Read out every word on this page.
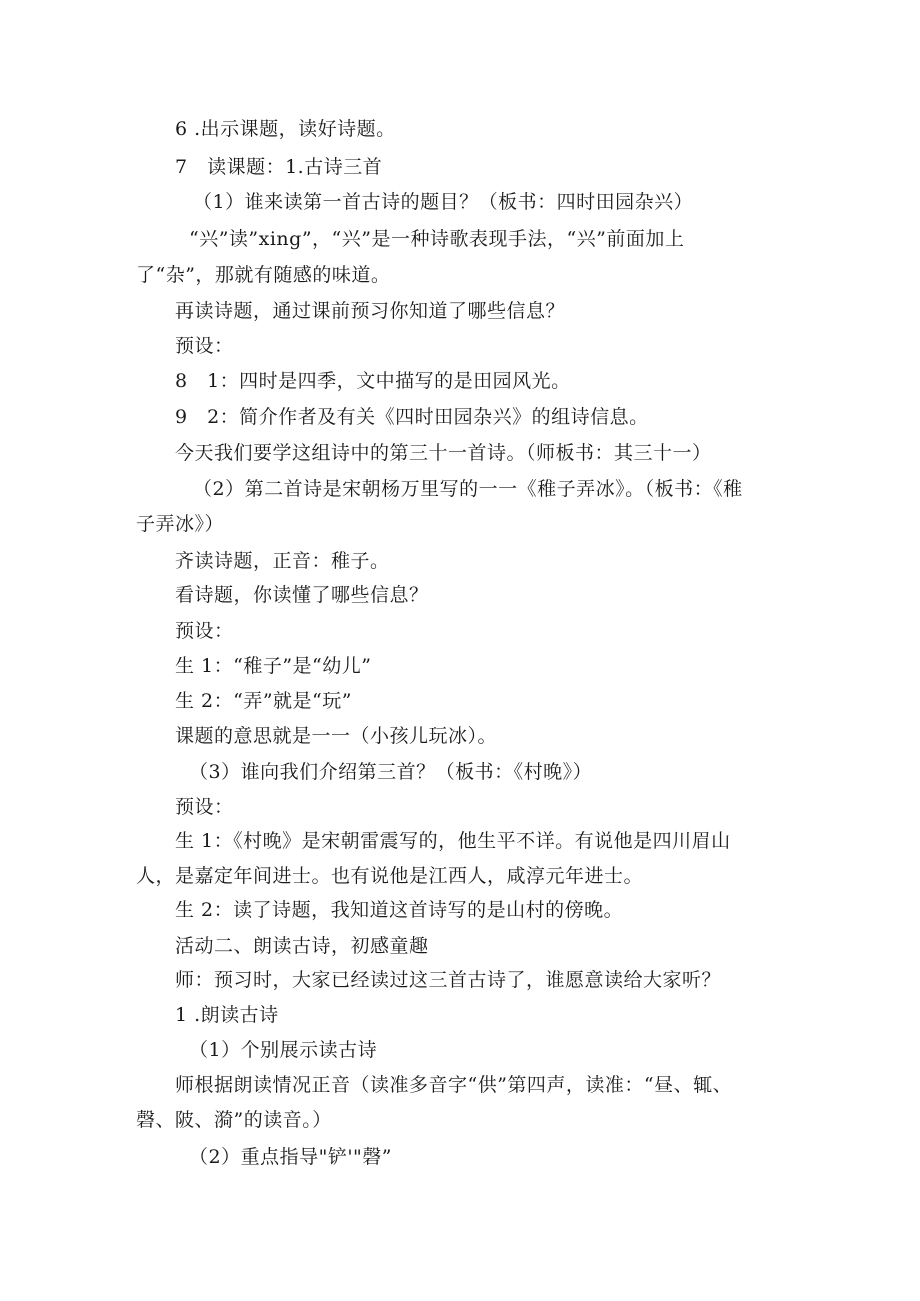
6 .出示课题，读好诗题。
7　读课题：1.古诗三首
（1）谁来读第一首古诗的题目？（板书：四时田园杂兴）
“兴”读”xing”，“兴”是一种诗歌表现手法，“兴”前面加上
了“杂”，那就有随感的味道。
再读诗题，通过课前预习你知道了哪些信息？
预设：
8　1：四时是四季，文中描写的是田园风光。
9　2：简介作者及有关《四时田园杂兴》的组诗信息。
今天我们要学这组诗中的第三十一首诗。（师板书：其三十一）
（2）第二首诗是宋朝杨万里写的一一《稚子弄冰》。（板书：《稚
子弄冰》）
齐读诗题，正音：稚子。
看诗题，你读懂了哪些信息？
预设：
生 1：“稚子”是“幼儿”
生 2：“弄”就是“玩”
课题的意思就是一一（小孩儿玩冰）。
（3）谁向我们介绍第三首？（板书：《村晚》）
预设：
生 1：《村晚》是宋朝雷震写的，他生平不详。有说他是四川眉山
人，是嘉定年间进士。也有说他是江西人，咸淳元年进士。
生 2：读了诗题，我知道这首诗写的是山村的傍晚。
活动二、朗读古诗，初感童趣
师：预习时，大家已经读过这三首古诗了，谁愿意读给大家听？
1 .朗读古诗
（1）个别展示读古诗
师根据朗读情况正音（读准多音字“供”第四声，读准：“昼、辄、
磬、陂、漪”的读音。）
（2）重点指导"铲'"磬”
